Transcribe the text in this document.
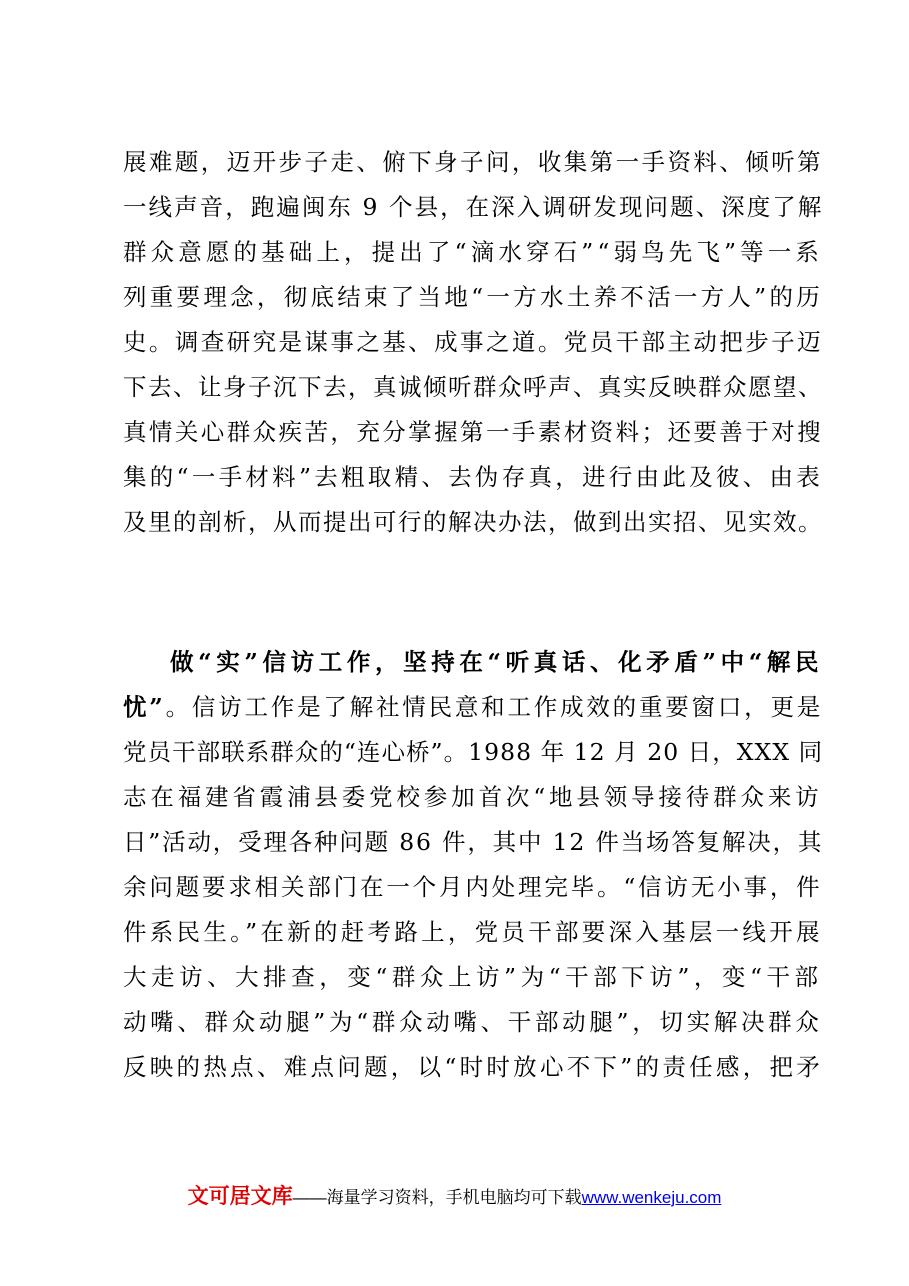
展难题，迈开步子走、俯下身子问，收集第一手资料、倾听第
一线声音，跑遍闽东 9 个县，在深入调研发现问题、深度了解
群众意愿的基础上，提出了“滴水穿石”“弱鸟先飞”等一系
列重要理念，彻底结束了当地“一方水土养不活一方人”的历
史。调查研究是谋事之基、成事之道。党员干部主动把步子迈
下去、让身子沉下去，真诚倾听群众呼声、真实反映群众愿望、
真情关心群众疾苦，充分掌握第一手素材资料；还要善于对搜
集的“一手材料”去粗取精、去伪存真，进行由此及彼、由表
及里的剖析，从而提出可行的解决办法，做到出实招、见实效。
做“实”信访工作，坚持在“听真话、化矛盾”中“解民
忧”。信访工作是了解社情民意和工作成效的重要窗口，更是
党员干部联系群众的“连心桥”。1988 年 12 月 20 日，XXX 同
志在福建省霞浦县委党校参加首次“地县领导接待群众来访
日”活动，受理各种问题 86 件，其中 12 件当场答复解决，其
余问题要求相关部门在一个月内处理完毕。“信访无小事，件
件系民生。”在新的赶考路上，党员干部要深入基层一线开展
大走访、大排查，变“群众上访”为“干部下访”，变“干部
动嘴、群众动腿”为“群众动嘴、干部动腿”，切实解决群众
反映的热点、难点问题，以“时时放心不下”的责任感，把矛
文可居文库——海量学习资料，手机电脑均可下载www.wenkeju.com
